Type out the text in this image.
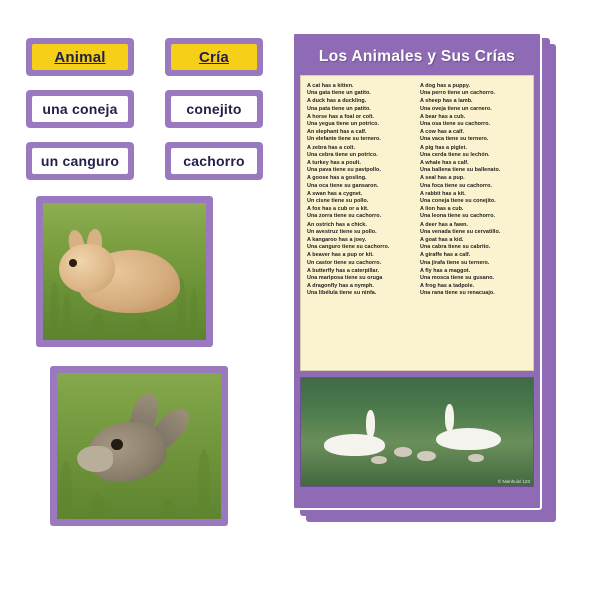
Animal	Cría
una coneja	conejito
un canguro	cachorro
Los Animales y Sus Crías
A cat has a kitten.
Una gata tiene un gatito.
A duck has a duckling.
Una pata tiene un patito.
A horse has a foal or colt.
Una yegua tiene un potrico.
An elephant has a calf.
Un elefante tiene su ternero.
A zebra has a colt.
Una cebra tiene un potrico.
A turkey has a poult.
Una pava tiene su pavipollo.
A goose has a gosling.
Una oca tiene su gansaron.
A swan has a cygnet.
Un cisne tiene su pollo.
A fox has a cub or a kit.
Una zorra tiene su cachorro.
An ostrich has a chick.
Un avestruz tiene su pollo.
A kangaroo has a joey.
Una canguro tiene su cachorro.
A beaver has a pup or kit.
Un castor tiene su cachorro.
A butterfly has a caterpillar.
Una mariposa tiene su oruga
A dragonfly has a nymph.
Una libélula tiene su ninfa.
A dog has a puppy.
Una perro tiene un cachorro.
A sheep has a lamb.
Una oveja tiene un carnero.
A bear has a cub.
Una osa tiene su cachorro.
A cow has a calf.
Una vaca tiene su ternero.
A pig has a piglet.
Una cerda tiene su lechón.
A whale has a calf.
Una ballena tiene su ballenato.
A seal has a pup.
Una foca tiene su cachorro.
A rabbit has a kit.
Una coneja tiene su conejito.
A lion has a cub.
Una leona tiene su cachorro.
A deer has a fawn.
Una venada tiene su cervatillo.
A goat has a kid.
Una cabra tiene su cabrito.
A giraffe has a calf.
Una jirafa tiene su ternero.
A fly has a maggot.
Una mosca tiene su gusano.
A frog has a tadpole.
Una rana tiene su renacuajo.
© Nienhuis/ 123
